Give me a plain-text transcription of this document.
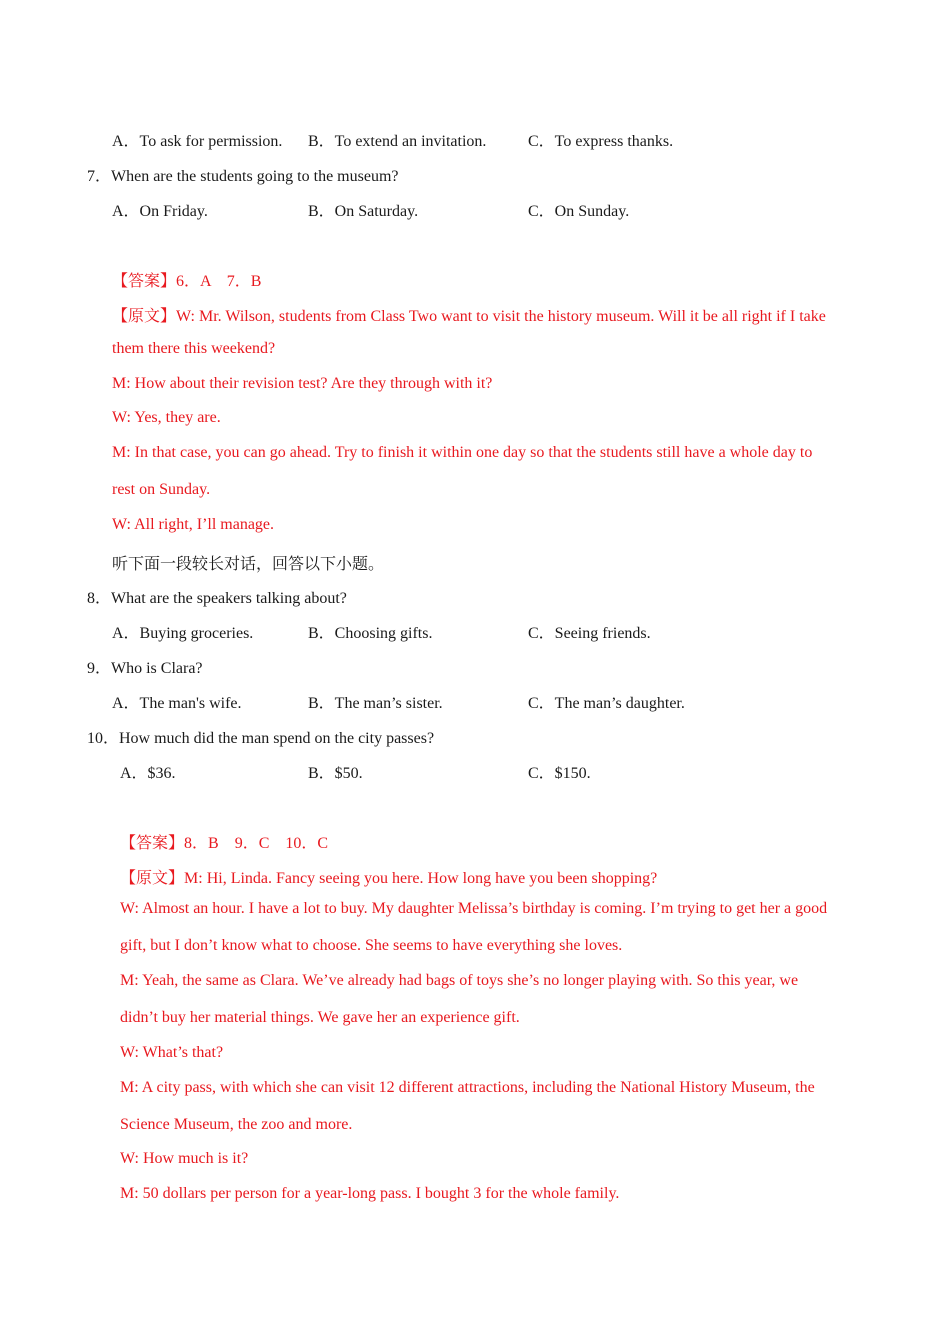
A．To ask for permission. B．To extend an invitation.	C．To express thanks.
7．When are the students going to the museum?
A．On Friday.	B．On Saturday.	C．On Sunday.
【答案】6．A　7．B
【原文】W: Mr. Wilson, students from Class Two want to visit the history museum. Will it be all right if I take
them there this weekend?
M: How about their revision test? Are they through with it?
W: Yes, they are.
M: In that case, you can go ahead. Try to finish it within one day so that the students still have a whole day to
rest on Sunday.
W: All right, I’ll manage.
听下面一段较长对话，回答以下小题。
8．What are the speakers talking about?
A．Buying groceries.	B．Choosing gifts.	C．Seeing friends.
9．Who is Clara?
A．The man's wife.	B．The man’s sister.	C．The man’s daughter.
10．How much did the man spend on the city passes?
A．$36.	B．$50.	C．$150.
【答案】8．B　9．C　10．C
【原文】M: Hi, Linda. Fancy seeing you here. How long have you been shopping?
W: Almost an hour. I have a lot to buy. My daughter Melissa’s birthday is coming. I’m trying to get her a good
gift, but I don’t know what to choose. She seems to have everything she loves.
M: Yeah, the same as Clara. We’ve already had bags of toys she’s no longer playing with. So this year, we
didn’t buy her material things. We gave her an experience gift.
W: What’s that?
M: A city pass, with which she can visit 12 different attractions, including the National History Museum, the
Science Museum, the zoo and more.
W: How much is it?
M: 50 dollars per person for a year-long pass. I bought 3 for the whole family.
